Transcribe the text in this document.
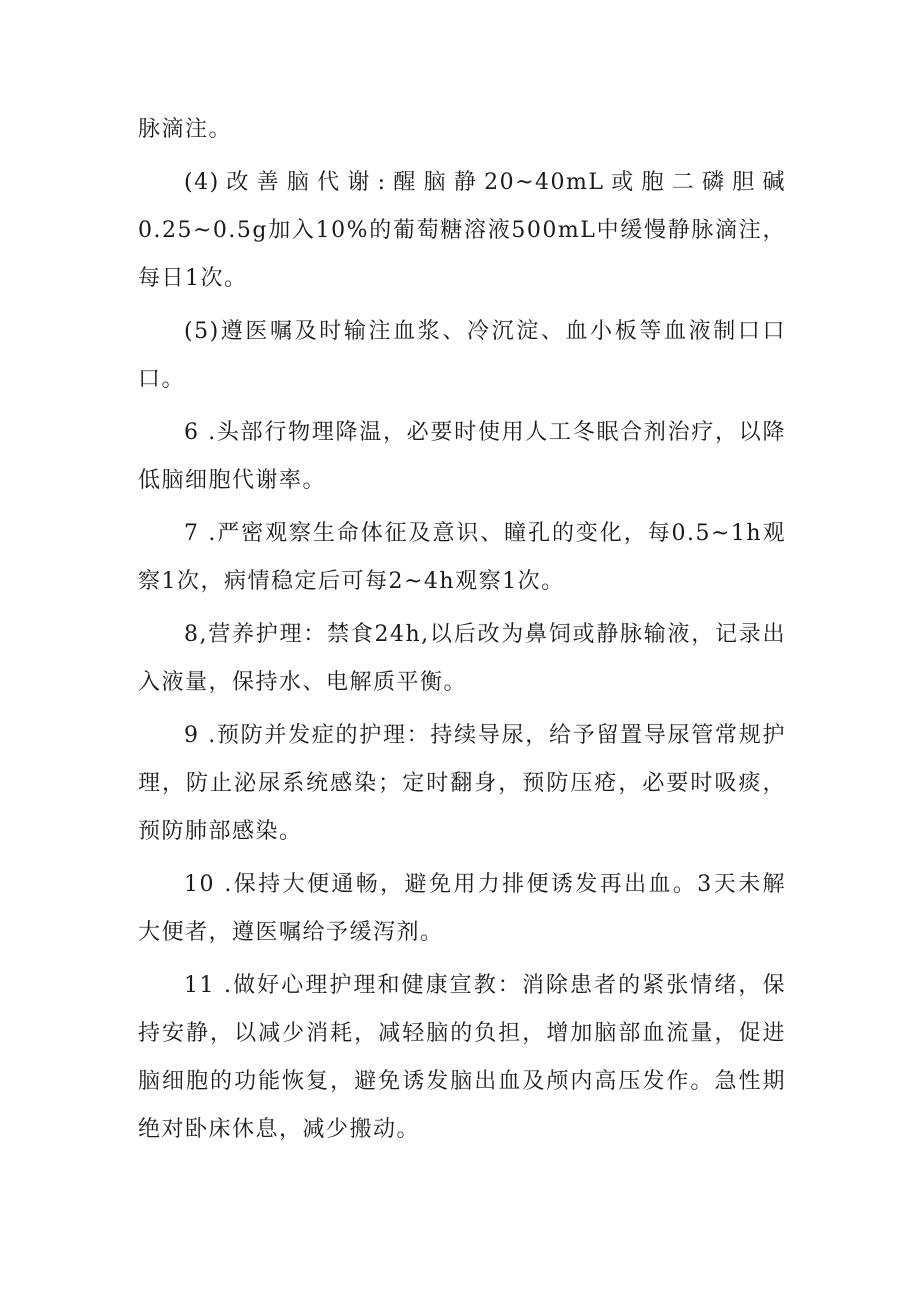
脉滴注。

(4)改善脑代谢:醒脑静20~40mL或胞二磷胆碱0.25~0.5g加入10%的葡萄糖溶液500mL中缓慢静脉滴注，每日1次。

(5)遵医嘱及时输注血浆、冷沉淀、血小板等血液制口口口。

6 .头部行物理降温，必要时使用人工冬眠合剂治疗，以降低脑细胞代谢率。

7 .严密观察生命体征及意识、瞳孔的变化，每0.5~1h观察1次，病情稳定后可每2~4h观察1次。

8,营养护理：禁食24h,以后改为鼻饲或静脉输液，记录出入液量，保持水、电解质平衡。

9 .预防并发症的护理：持续导尿，给予留置导尿管常规护理，防止泌尿系统感染；定时翻身，预防压疮，必要时吸痰，预防肺部感染。

10 .保持大便通畅，避免用力排便诱发再出血。3天未解大便者，遵医嘱给予缓泻剂。

11 .做好心理护理和健康宣教：消除患者的紧张情绪，保持安静，以减少消耗，减轻脑的负担，增加脑部血流量，促进脑细胞的功能恢复，避免诱发脑出血及颅内高压发作。急性期绝对卧床休息，减少搬动。
